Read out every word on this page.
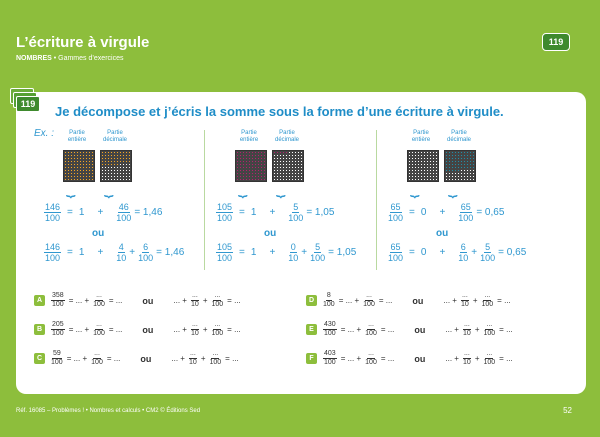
L’écriture à virgule
NOMBRES • Gammes d’exercices
119
119	Je décompose et j’écris la somme sous la forme d’une écriture à virgule.
Ex. :	Partie entière
Partie décimale
⏟ ⏟
$\frac{146}{100} = 1 + \frac{46}{100} = 1,46$
ou
$\frac{146}{100} = 1 + \frac{4}{10} + \frac{6}{100} = 1,46$
Partie entière
Partie décimale
⏟ ⏟
$\frac{105}{100} = 1 + \frac{5}{100} = 1,05$
ou
$\frac{105}{100} = 1 + \frac{0}{10} + \frac{5}{100} = 1,05$
Partie entière
Partie décimale
⏟ ⏟
$\frac{65}{100} = 0 + \frac{65}{100} = 0,65$
ou
$\frac{65}{100} = 0 + \frac{6}{10} + \frac{5}{100} = 0,65$
A	$\frac{358}{100}$ = ... + $\frac{...}{100}$ = ... ou	... + $\frac{...}{10} + \frac{...}{100}$ = ...
B	$\frac{205}{100}$ = ... + $\frac{...}{100}$ = ... ou	... + $\frac{...}{10} + \frac{...}{100}$ = ...
C	$\frac{59}{100}$ = ... + $\frac{...}{100}$ = ... ou	... + $\frac{...}{10} + \frac{...}{100}$ = ...
D	$\frac{8}{100}$ = ... + $\frac{...}{100}$ = ... ou	... + $\frac{...}{10} + \frac{...}{100}$ = ...
E	$\frac{430}{100}$ = ... + $\frac{...}{100}$ = ... ou	... + $\frac{...}{10} + \frac{...}{100}$ = ...
F	$\frac{403}{100}$ = ... + $\frac{...}{100}$ = ... ou	... + $\frac{...}{10} + \frac{...}{100}$ = ...
Réf. 16085 – Problèmes ! • Nombres et calculs • CM2 © Éditions Sed	52
